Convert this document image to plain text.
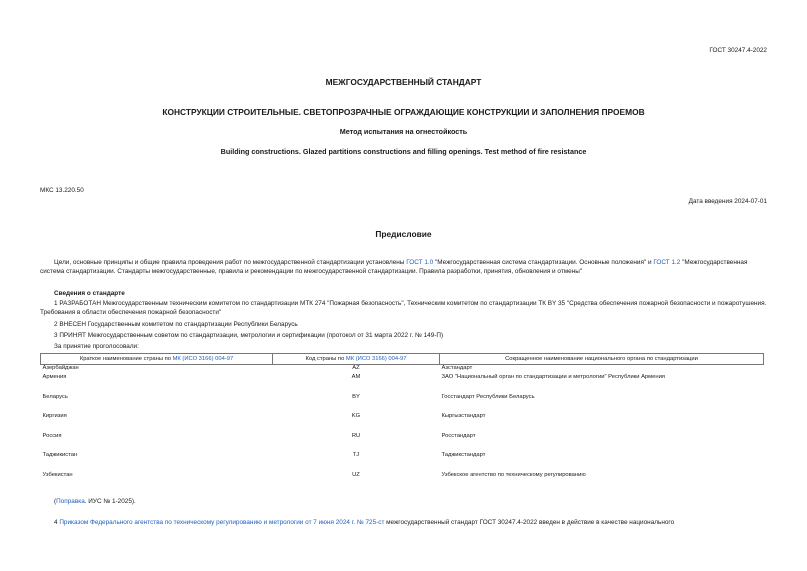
ГОСТ 30247.4-2022
МЕЖГОСУДАРСТВЕННЫЙ СТАНДАРТ
КОНСТРУКЦИИ СТРОИТЕЛЬНЫЕ. СВЕТОПРОЗРАЧНЫЕ ОГРАЖДАЮЩИЕ КОНСТРУКЦИИ И ЗАПОЛНЕНИЯ ПРОЕМОВ
Метод испытания на огнестойкость
Building constructions. Glazed partitions constructions and filling openings. Test method of fire resistance
МКС 13.220.50
Дата введения 2024-07-01
Предисловие

Цели, основные принципы и общие правила проведения работ по межгосударственной стандартизации установлены ГОСТ 1.0 "Межгосударственная система стандартизации. Основные положения" и ГОСТ 1.2 "Межгосударственная система стандартизации. Стандарты межгосударственные, правила и рекомендации по межгосударственной стандартизации. Правила разработки, принятия, обновления и отмены"

Сведения о стандарте

1 РАЗРАБОТАН Межгосударственным техническим комитетом по стандартизации МТК 274 "Пожарная безопасность", Техническим комитетом по стандартизации ТК BY 35 "Средства обеспечения пожарной безопасности и пожаротушения. Требования в области обеспечения пожарной безопасности"

2 ВНЕСЕН Государственным комитетом по стандартизации Республики Беларусь
3 ПРИНЯТ Межгосударственным советом по стандартизации, метрологии и сертификации (протокол от 31 марта 2022 г. № 149-П)
За принятие проголосовали:
Краткое наименование страны по МК (ИСО 3166) 004-97	Код страны по МК (ИСО 3166) 004-97	Сокращенное наименование национального органа по стандартизации
Азербайджан	AZ	Азстандарт
Армения	AM	ЗАО "Национальный орган по стандартизации и метрологии" Республики Армения
Беларусь	BY	Госстандарт Республики Беларусь
Киргизия	KG	Кыргызстандарт
Россия	RU	Росстандарт
Таджикистан	TJ	Таджикстандарт
Узбекистан	UZ	Узбекское агентство по техническому регулированию
(Поправка. ИУС № 1-2025).
4 Приказом Федерального агентства по техническому регулированию и метрологии от 7 июня 2024 г. № 725-ст межгосударственный стандарт ГОСТ 30247.4-2022 введен в действие в качестве национального
